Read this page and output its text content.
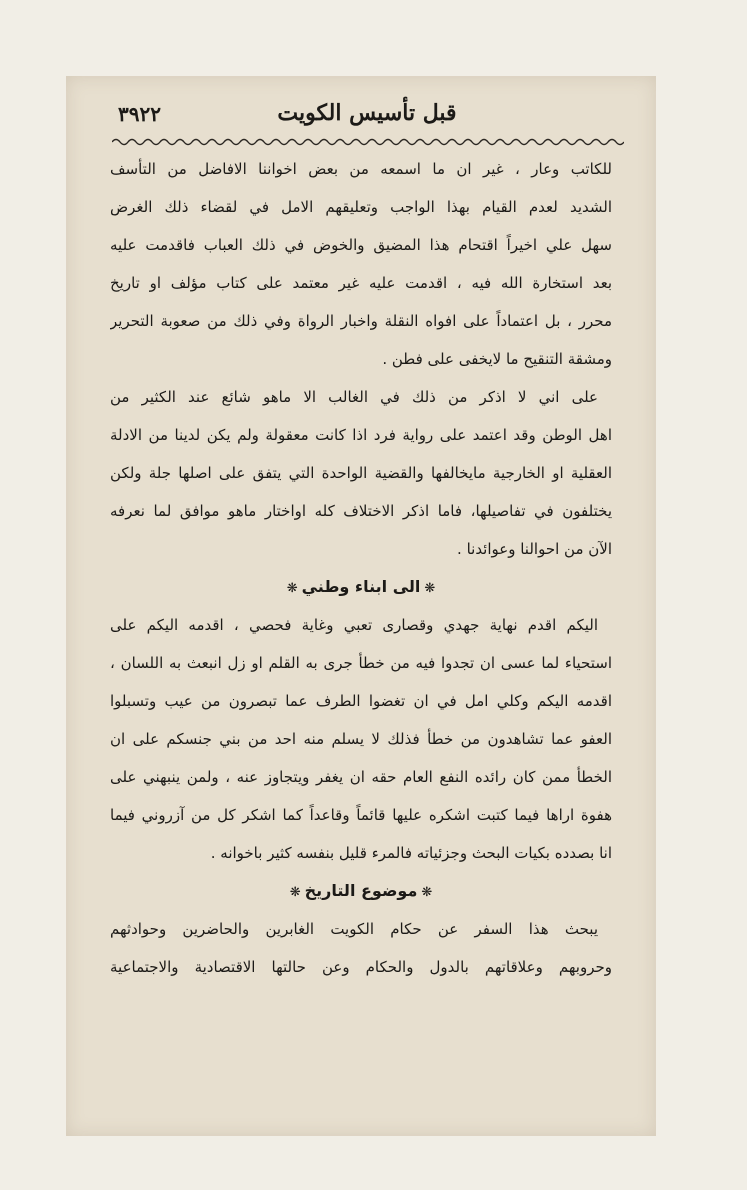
قبل تأسيس الكويت
٣٩٢٢
للكاتب وعار ، غير ان ما اسمعه من بعض اخواننا الافاضل من التأسف
الشديد لعدم القيام بهذا الواجب وتعليقهم الامل في لقضاء ذلك الغرض
سهل علي اخيراً اقتحام هذا المضيق والخوض في ذلك العباب فاقدمت عليه
بعد استخارة الله فيه ، اقدمت عليه غير معتمد على كتاب مؤلف او تاريخ
محرر ، بل اعتماداً على افواه النقلة واخبار الرواة وفي ذلك من صعوبة التحرير
ومشقة التنقيح ما لايخفى على فطن .
على اني لا اذكر من ذلك في الغالب الا ماهو شائع عند الكثير من
اهل الوطن وقد اعتمد على رواية فرد اذا كانت معقولة ولم يكن لدينا من الادلة
العقلية او الخارجية مايخالفها والقضية الواحدة التي يتفق على اصلها جلة ولكن
يختلفون في تفاصيلها، فاما اذكر الاختلاف كله اواختار ماهو موافق لما نعرفه
الآن من احوالنا وعوائدنا .
❋الى ابناء وطني❋
اليكم اقدم نهاية جهدي وقصارى تعبي وغاية فحصي ، اقدمه اليكم على
استحياء لما عسى ان تجدوا فيه من خطأ جرى به القلم او زل انبعث به اللسان ،
اقدمه اليكم وكلي امل في ان تغضوا الطرف عما تبصرون من عيب وتسبلوا
العفو عما تشاهدون من خطأ فذلك لا يسلم منه احد من بني جنسكم على ان
الخطأ ممن كان رائده النفع العام حقه ان يغفر ويتجاوز عنه ، ولمن ينبهني على
هفوة اراها فيما كتبت اشكره عليها قائماً وقاعداً كما اشكر كل من آزروني فيما
انا بصدده بكيات البحث وجزئياته فالمرء قليل بنفسه كثير باخوانه .
❋موضوع التاريخ❋
يبحث هذا السفر عن حكام الكويت الغابرين والحاضرين وحوادثهم
وحروبهم وعلاقاتهم بالدول والحكام وعن حالتها الاقتصادية والاجتماعية
